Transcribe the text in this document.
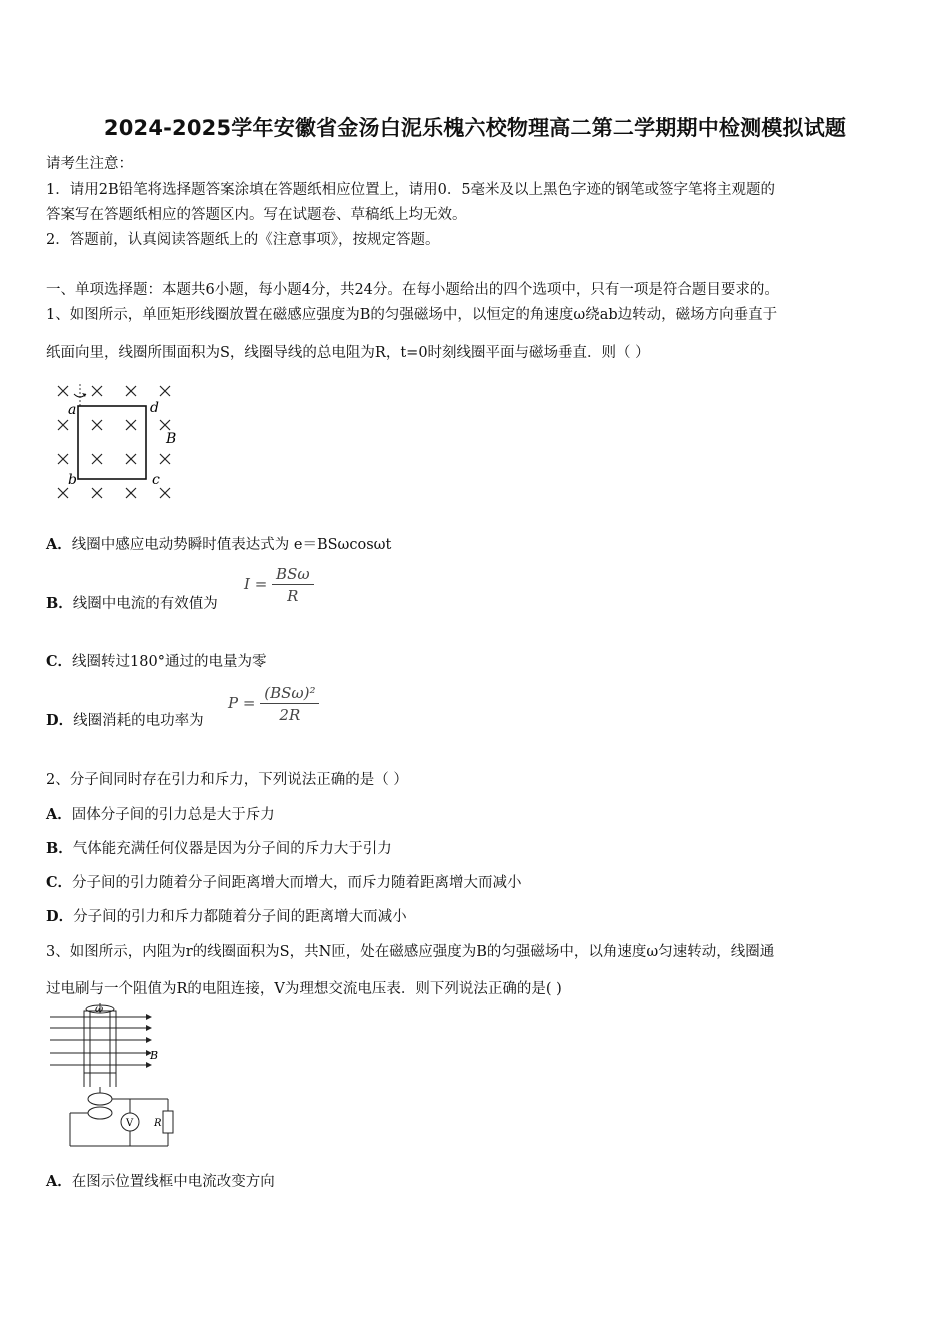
2024-2025学年安徽省金汤白泥乐槐六校物理高二第二学期期中检测模拟试题
请考生注意：
1．请用2B铅笔将选择题答案涂填在答题纸相应位置上，请用0．5毫米及以上黑色字迹的钢笔或签字笔将主观题的
答案写在答题纸相应的答题区内。写在试题卷、草稿纸上均无效。
2．答题前，认真阅读答题纸上的《注意事项》，按规定答题。
一、单项选择题：本题共6小题，每小题4分，共24分。在每小题给出的四个选项中，只有一项是符合题目要求的。
1、如图所示，单匝矩形线圈放置在磁感应强度为B的匀强磁场中，以恒定的角速度ω绕ab边转动，磁场方向垂直于
纸面向里，线圈所围面积为S，线圈导线的总电阻为R，t=0时刻线圈平面与磁场垂直．则（ ）
a	d
b	c
B
A．线圈中感应电动势瞬时值表达式为 e＝BSωcosωt
B．线圈中电流的有效值为
$I = \frac{\text{BSω}}{R}$
C．线圈转过180°通过的电量为零
D．线圈消耗的电功率为
$P = \frac{\text{(BSω)²}}{2R}$
2、分子间同时存在引力和斥力，下列说法正确的是（ ）
A．固体分子间的引力总是大于斥力
B．气体能充满任何仪器是因为分子间的斥力大于引力
C．分子间的引力随着分子间距离增大而增大，而斥力随着距离增大而减小
D．分子间的引力和斥力都随着分子间的距离增大而减小
3、如图所示，内阻为r的线圈面积为S，共N匝，处在磁感应强度为B的匀强磁场中，以角速度ω匀速转动，线圈通
过电刷与一个阻值为R的电阻连接，V为理想交流电压表．则下列说法正确的是( )
ω
B
V R
A．在图示位置线框中电流改变方向
